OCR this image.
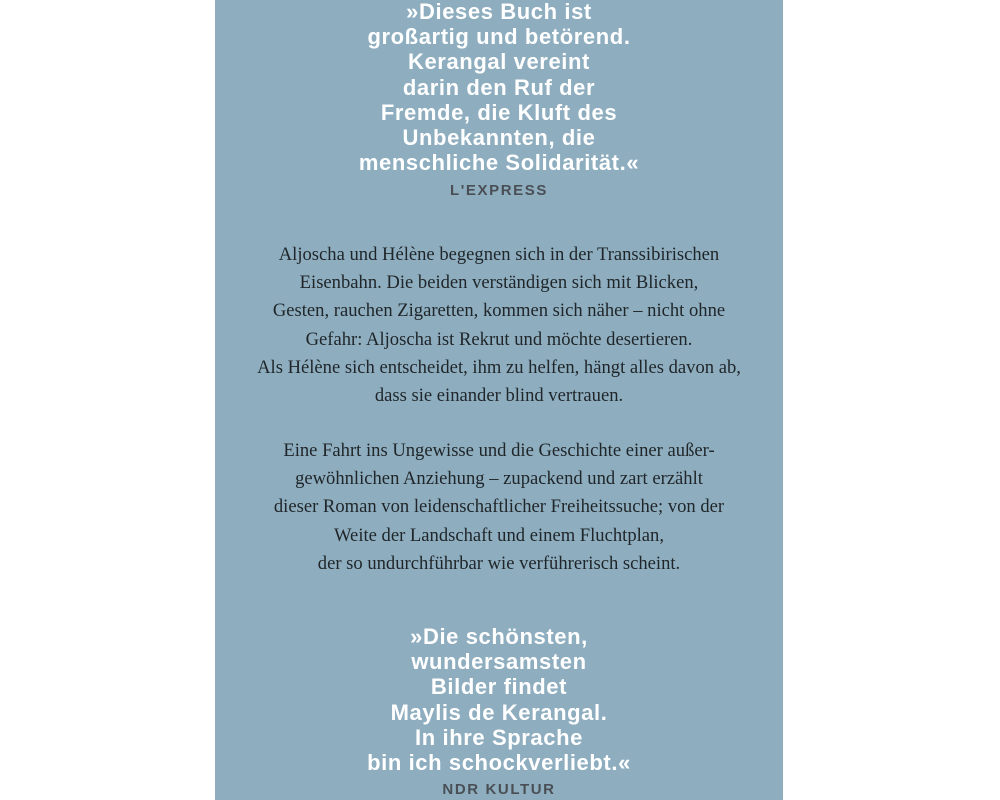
»Dieses Buch ist
großartig und betörend.
Kerangal vereint
darin den Ruf der
Fremde, die Kluft des
Unbekannten, die
menschliche Solidarität.«
L'EXPRESS
Aljoscha und Hélène begegnen sich in der Transsibirischen
Eisenbahn. Die beiden verständigen sich mit Blicken,
Gesten, rauchen Zigaretten, kommen sich näher – nicht ohne
Gefahr: Aljoscha ist Rekrut und möchte desertieren.
Als Hélène sich entscheidet, ihm zu helfen, hängt alles davon ab,
dass sie einander blind vertrauen.
Eine Fahrt ins Ungewisse und die Geschichte einer außer-
gewöhnlichen Anziehung – zupackend und zart erzählt
dieser Roman von leidenschaftlicher Freiheitssuche; von der
Weite der Landschaft und einem Fluchtplan,
der so undurchführbar wie verführerisch scheint.
»Die schönsten,
wundersamsten
Bilder findet
Maylis de Kerangal.
In ihre Sprache
bin ich schockverliebt.«
NDR KULTUR
